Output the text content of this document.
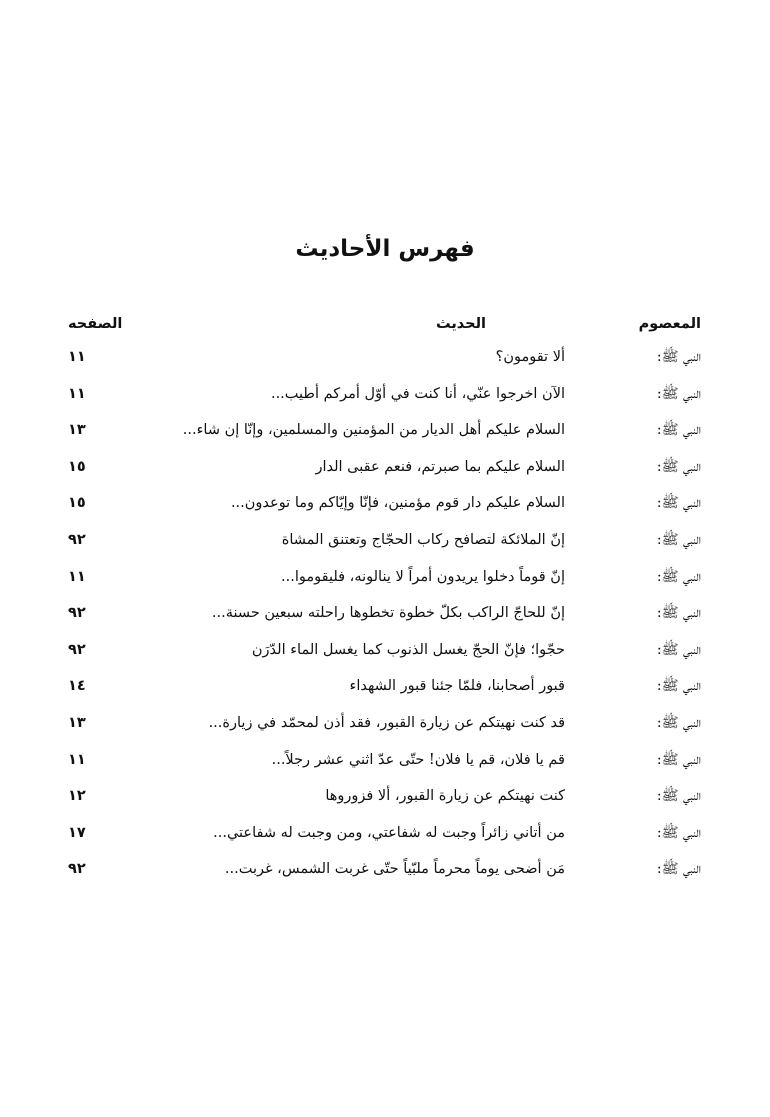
فهرس الأحاديث
المعصوم
الحديث
الصفحه
النبي ﷺ:
ألا تقومون؟
١١
النبي ﷺ:
الآن اخرجوا عنّي، أنا كنت في أوّل أمركم أطيب...
١١
النبي ﷺ:
السلام عليكم أهل الديار من المؤمنين والمسلمين، وإنّا إن شاء...
١٣
النبي ﷺ:
السلام عليكم بما صبرتم، فنعم عقبى الدار
١٥
النبي ﷺ:
السلام عليكم دار قوم مؤمنين، فإنّا وإيّاكم وما توعدون...
١٥
النبي ﷺ:
إنّ الملائكة لتصافح ركاب الحجّاج وتعتنق المشاة
٩٢
النبي ﷺ:
إنّ قوماً دخلوا يريدون أمراً لا ينالونه، فليقوموا...
١١
النبي ﷺ:
إنّ للحاجّ الراكب بكلّ خطوة تخطوها راحلته سبعين حسنة...
٩٢
النبي ﷺ:
حجّوا؛ فإنّ الحجّ يغسل الذنوب كما يغسل الماء الدّرَن
٩٢
النبي ﷺ:
قبور أصحابنا، فلمّا جئنا قبور الشهداء
١٤
النبي ﷺ:
قد كنت نهيتكم عن زيارة القبور، فقد أذن لمحمّد في زيارة...
١٣
النبي ﷺ:
قم يا فلان، قم يا فلان! حتّى عدّ اثني عشر رجلاً...
١١
النبي ﷺ:
كنت نهيتكم عن زيارة القبور، ألا فزوروها
١٢
النبي ﷺ:
من أتاني زائراً وجبت له شفاعتي، ومن وجبت له شفاعتي...
١٧
النبي ﷺ:
مَن أضحى يوماً محرماً ملبّياً حتّى غربت الشمس، غربت...
٩٢
